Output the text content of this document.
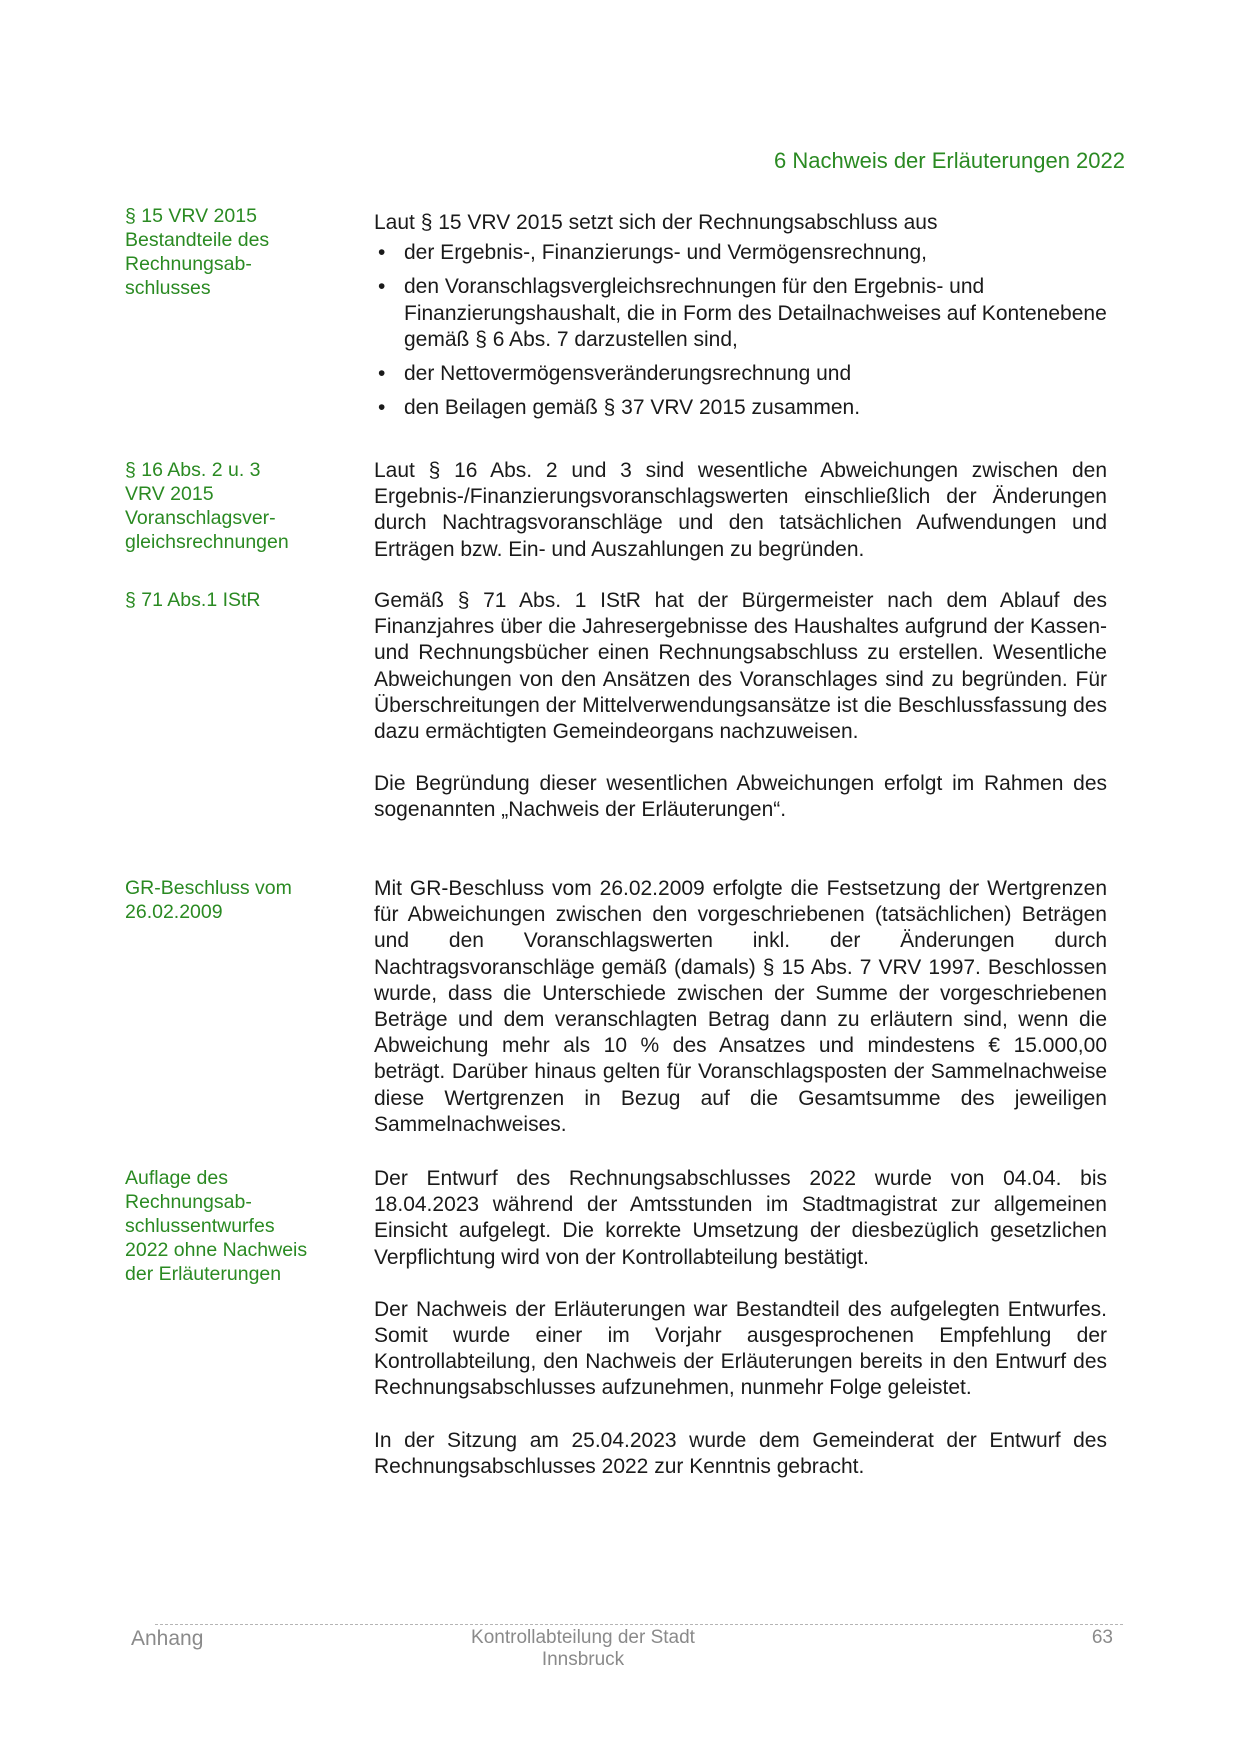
6 Nachweis der Erläuterungen 2022
§ 15 VRV 2015
Bestandteile des
Rechnungsab-
schlusses

Laut § 15 VRV 2015 setzt sich der Rechnungsabschluss aus

• der Ergebnis-, Finanzierungs- und Vermögensrechnung,
• den Voranschlagsvergleichsrechnungen für den Ergebnis- und Finanzierungshaushalt, die in Form des Detailnachweises auf Kontenebene gemäß § 6 Abs. 7 darzustellen sind,
• der Nettovermögensveränderungsrechnung und
• den Beilagen gemäß § 37 VRV 2015 zusammen.
§ 16 Abs. 2 u. 3
VRV 2015
Voranschlagsver-
gleichsrechnungen

Laut § 16 Abs. 2 und 3 sind wesentliche Abweichungen zwischen den Ergebnis-/Finanzierungsvoranschlagswerten einschließlich der Änderungen durch Nachtragsvoranschläge und den tatsächlichen Aufwendungen und Erträgen bzw. Ein- und Auszahlungen zu begründen.

§ 71 Abs.1 IStR	Gemäß § 71 Abs. 1 IStR hat der Bürgermeister nach dem Ablauf des Finanzjahres über die Jahresergebnisse des Haushaltes aufgrund der Kassen- und Rechnungsbücher einen Rechnungsabschluss zu erstellen. Wesentliche Abweichungen von den Ansätzen des Voranschlages sind zu begründen. Für Überschreitungen der Mittelverwendungsansätze ist die Beschlussfassung des dazu ermächtigten Gemeindeorgans nachzuweisen.

Die Begründung dieser wesentlichen Abweichungen erfolgt im Rahmen des sogenannten „Nachweis der Erläuterungen“.

GR-Beschluss vom
26.02.2009

Mit GR-Beschluss vom 26.02.2009 erfolgte die Festsetzung der Wertgrenzen für Abweichungen zwischen den vorgeschriebenen (tatsächlichen) Beträgen und den Voranschlagswerten inkl. der Änderungen durch Nachtragsvoranschläge gemäß (damals) § 15 Abs. 7 VRV 1997. Beschlossen wurde, dass die Unterschiede zwischen der Summe der vorgeschriebenen Beträge und dem veranschlagten Betrag dann zu erläutern sind, wenn die Abweichung mehr als 10 % des Ansatzes und mindestens € 15.000,00 beträgt. Darüber hinaus gelten für Voranschlagsposten der Sammelnachweise diese Wertgrenzen in Bezug auf die Gesamtsumme des jeweiligen Sammelnachweises.

Auflage des
Rechnungsab-
schlussentwurfes
2022 ohne Nachweis
der Erläuterungen

Der Entwurf des Rechnungsabschlusses 2022 wurde von 04.04. bis 18.04.2023 während der Amtsstunden im Stadtmagistrat zur allgemeinen Einsicht aufgelegt. Die korrekte Umsetzung der diesbezüglich gesetzlichen Verpflichtung wird von der Kontrollabteilung bestätigt.

Der Nachweis der Erläuterungen war Bestandteil des aufgelegten Entwurfes. Somit wurde einer im Vorjahr ausgesprochenen Empfehlung der Kontrollabteilung, den Nachweis der Erläuterungen bereits in den Entwurf des Rechnungsabschlusses aufzunehmen, nunmehr Folge geleistet.

In der Sitzung am 25.04.2023 wurde dem Gemeinderat der Entwurf des Rechnungsabschlusses 2022 zur Kenntnis gebracht.

Anhang	Kontrollabteilung der Stadt Innsbruck
63
